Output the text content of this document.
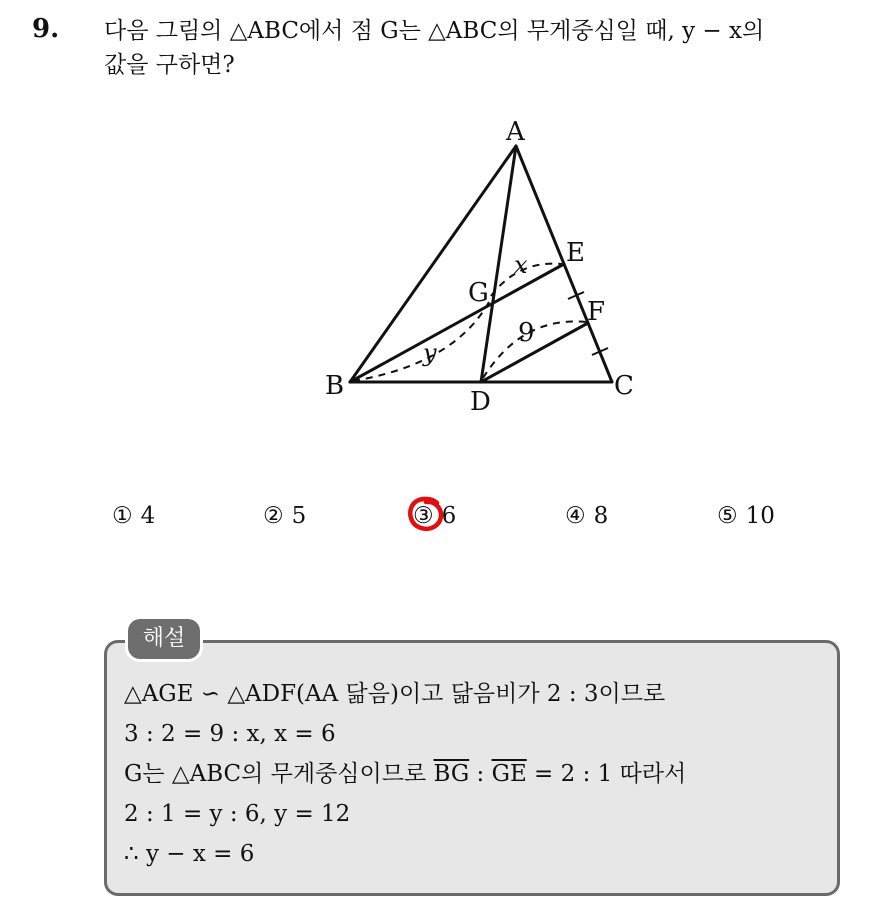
9. 다음 그림의 △ABC에서 점 G는 △ABC의 무게중심일 때, y − x의
값을 구하면?
A
B	C
D
E
F
G
9
x
y
① 4	② 5	③ 6	④ 8	⑤ 10
해설
△AGE ∽ △ADF(AA 닮음)이고 닮음비가 2 : 3이므로
3 : 2 = 9 : x, x = 6
G는 △ABC의 무게중심이므로 $\overline{BG}$ : $\overline{GE} = 2$ : 1 따라서
2 : 1 = y : 6, y = 12
∴ y − x = 6
